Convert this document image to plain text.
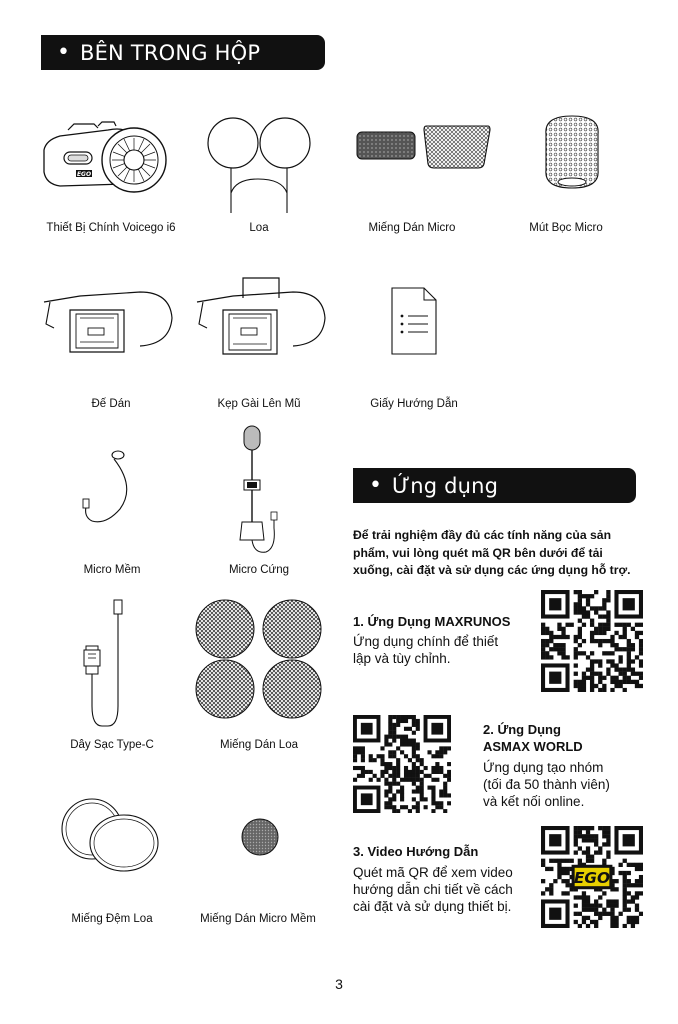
• BÊN TRONG HỘP
EGO
Thiết Bị Chính Voicego i6	Loa	Miếng Dán Micro	Mút Bọc Micro
Đế Dán	Kẹp Gài Lên Mũ	Giấy Hướng Dẫn
Micro Mềm	Micro Cứng
Dây Sạc Type-C	Miếng Dán Loa
Miếng Đệm Loa	Miếng Dán Micro Mềm
• Ứng dụng
Để trải nghiệm đầy đủ các tính năng của sản
phẩm, vui lòng quét mã QR bên dưới để tải
xuống, cài đặt và sử dụng các ứng dụng hỗ trợ.
1. Ứng Dụng MAXRUNOS
Ứng dụng chính để thiết
lập và tùy chỉnh.
2. Ứng Dụng
ASMAX WORLD
Ứng dụng tạo nhóm
(tối đa 50 thành viên)
và kết nối online.
3. Video Hướng Dẫn
Quét mã QR để xem video
hướng dẫn chi tiết về cách
cài đặt và sử dụng thiết bị.
EGO
3
